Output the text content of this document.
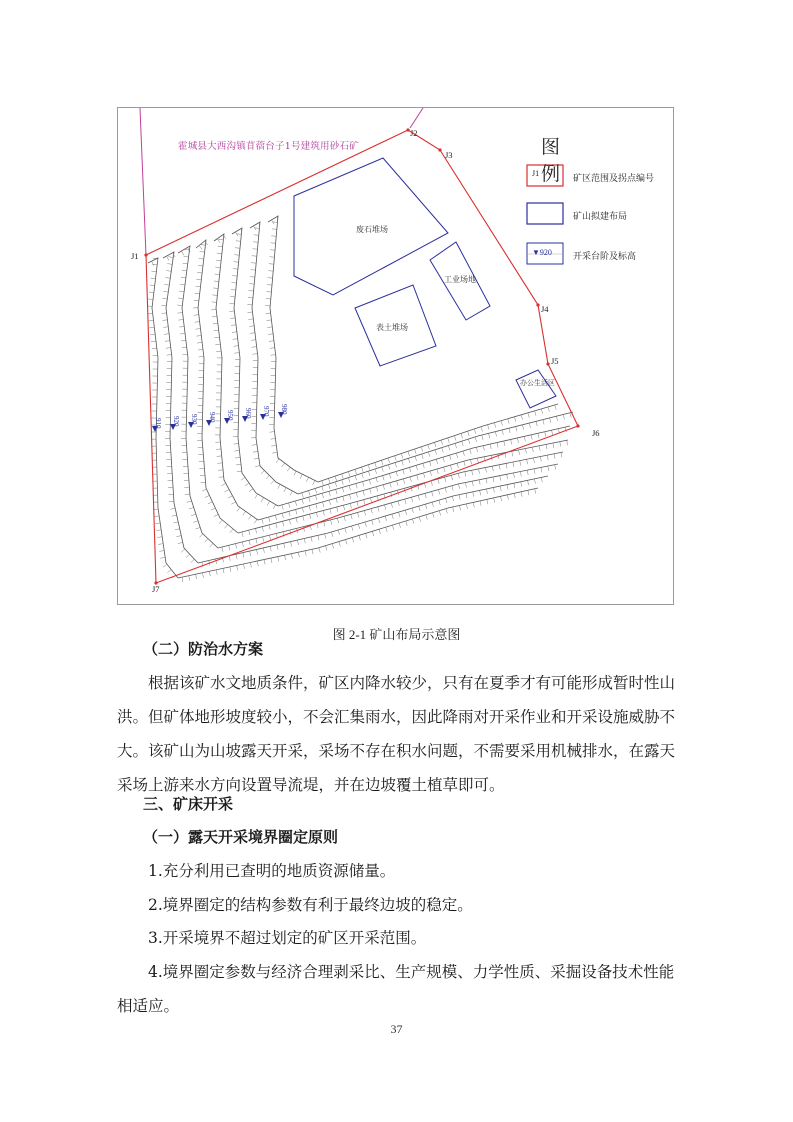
霍城县大西沟镇苜蓿台子1号建筑用砂石矿
J1
J2
J3
J4
J5
J6
J7
废石堆场
工业场地
表土堆场
办公生活区
910 920 930 940 950 960 970 980
图 例
J1
矿区范围及拐点编号
矿山拟建布局
▼920 开采台阶及标高
图 2-1 矿山布局示意图
（二）防治水方案
根据该矿水文地质条件，矿区内降水较少，只有在夏季才有可能形成暂时性山洪。但矿体地形坡度较小，不会汇集雨水，因此降雨对开采作业和开采设施威胁不大。该矿山为山坡露天开采，采场不存在积水问题，不需要采用机械排水，在露天采场上游来水方向设置导流堤，并在边坡覆土植草即可。
三、矿床开采
（一）露天开采境界圈定原则
1.充分利用已查明的地质资源储量。
2.境界圈定的结构参数有利于最终边坡的稳定。
3.开采境界不超过划定的矿区开采范围。
4.境界圈定参数与经济合理剥采比、生产规模、力学性质、采掘设备技术性能相适应。
37
